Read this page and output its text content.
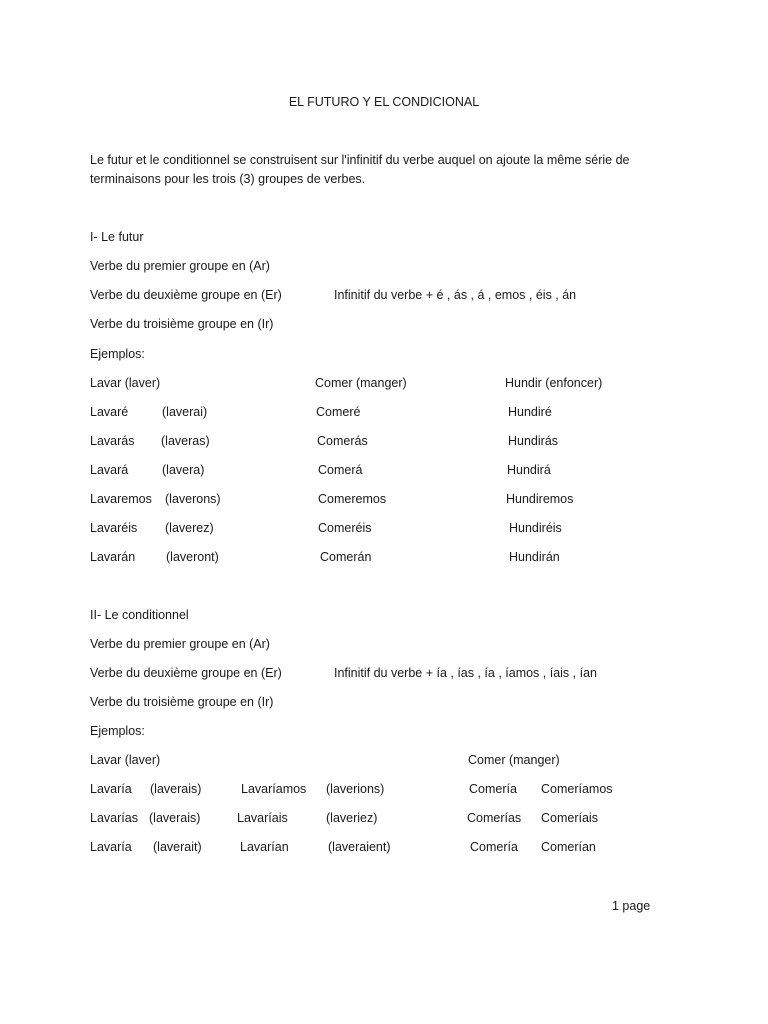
EL FUTURO Y EL CONDICIONAL
Le futur et le conditionnel se construisent sur l'infinitif du verbe auquel on ajoute la même série de terminaisons pour les trois (3) groupes de verbes.
I- Le futur
Verbe du premier groupe en (Ar)
Verbe du deuxième groupe en (Er)	Infinitif du verbe + é , ás , á , emos , éis , án
Verbe du troisième groupe en (Ir)
Ejemplos:
Lavar (laver)	Comer (manger)	Hundir (enfoncer)
Lavaré	(laverai)	Comeré	Hundiré
Lavarás (laveras)	Comerás	Hundirás
Lavará	(lavera)	Comerá	Hundirá
Lavaremos (laverons)	Comeremos	Hundiremos
Lavaréis (laverez)	Comeréis	Hundiréis
Lavarán (laveront)	Comerán	Hundirán
II- Le conditionnel
Verbe du premier groupe en (Ar)
Verbe du deuxième groupe en (Er)	Infinitif du verbe + ía , ías , ía , íamos , íais , ían
Verbe du troisième groupe en (Ir)
Ejemplos:
Lavar (laver)	Comer (manger)
Lavaría (laverais)	Lavaríamos (laverions)	Comería Comeríamos
Lavarías (laverais)	Lavaríais	(laveriez)	Comerías Comeríais
Lavaría (laverait)	Lavarían	(laveraient)	Comería Comerían
1 page
